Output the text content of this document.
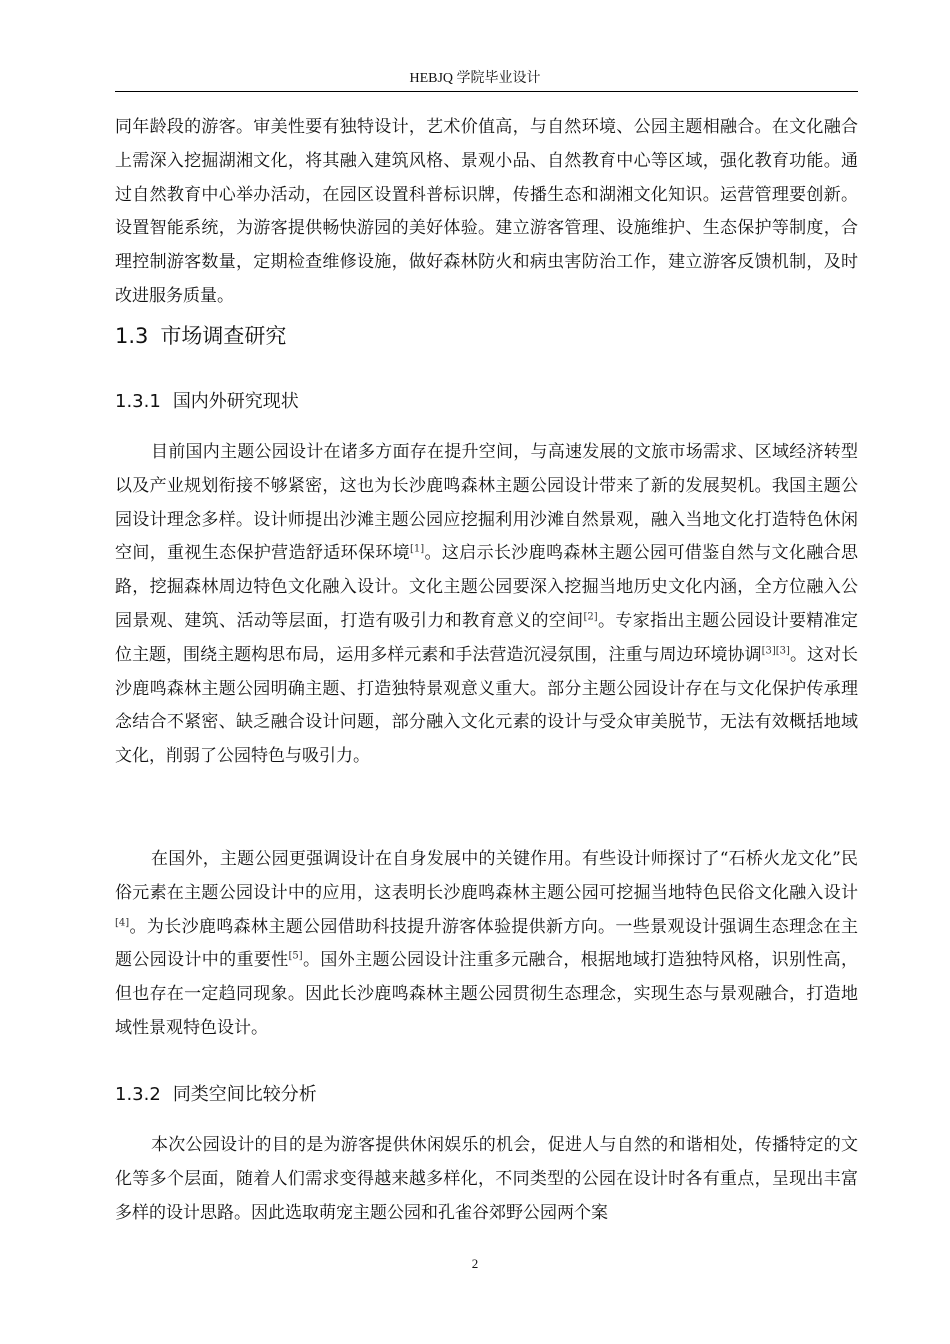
HEBJQ 学院毕业设计

同年龄段的游客。审美性要有独特设计，艺术价值高，与自然环境、公园主题相融合。在文化融合上需深入挖掘湖湘文化，将其融入建筑风格、景观小品、自然教育中心等区域，强化教育功能。通过自然教育中心举办活动，在园区设置科普标识牌，传播生态和湖湘文化知识。运营管理要创新。设置智能系统，为游客提供畅快游园的美好体验。建立游客管理、设施维护、生态保护等制度，合理控制游客数量，定期检查维修设施，做好森林防火和病虫害防治工作，建立游客反馈机制，及时改进服务质量。

1.3 市场调查研究
1.3.1 国内外研究现状

目前国内主题公园设计在诸多方面存在提升空间，与高速发展的文旅市场需求、区域经济转型以及产业规划衔接不够紧密，这也为长沙鹿鸣森林主题公园设计带来了新的发展契机。我国主题公园设计理念多样。设计师提出沙滩主题公园应挖掘利用沙滩自然景观，融入当地文化打造特色休闲空间，重视生态保护营造舒适环保环境[1]。这启示长沙鹿鸣森林主题公园可借鉴自然与文化融合思路，挖掘森林周边特色文化融入设计。文化主题公园要深入挖掘当地历史文化内涵，全方位融入公园景观、建筑、活动等层面，打造有吸引力和教育意义的空间[2]。专家指出主题公园设计要精准定位主题，围绕主题构思布局，运用多样元素和手法营造沉浸氛围，注重与周边环境协调[3][3]。这对长沙鹿鸣森林主题公园明确主题、打造独特景观意义重大。部分主题公园设计存在与文化保护传承理念结合不紧密、缺乏融合设计问题，部分融入文化元素的设计与受众审美脱节，无法有效概括地域文化，削弱了公园特色与吸引力。

在国外，主题公园更强调设计在自身发展中的关键作用。有些设计师探讨了“石桥火龙文化”民俗元素在主题公园设计中的应用，这表明长沙鹿鸣森林主题公园可挖掘当地特色民俗文化融入设计[4]。为长沙鹿鸣森林主题公园借助科技提升游客体验提供新方向。一些景观设计强调生态理念在主题公园设计中的重要性[5]。国外主题公园设计注重多元融合，根据地域打造独特风格，识别性高，但也存在一定趋同现象。因此长沙鹿鸣森林主题公园贯彻生态理念，实现生态与景观融合，打造地域性景观特色设计。

1.3.2 同类空间比较分析

本次公园设计的目的是为游客提供休闲娱乐的机会，促进人与自然的和谐相处，传播特定的文化等多个层面，随着人们需求变得越来越多样化，不同类型的公园在设计时各有重点，呈现出丰富多样的设计思路。因此选取萌宠主题公园和孔雀谷郊野公园两个案

2
